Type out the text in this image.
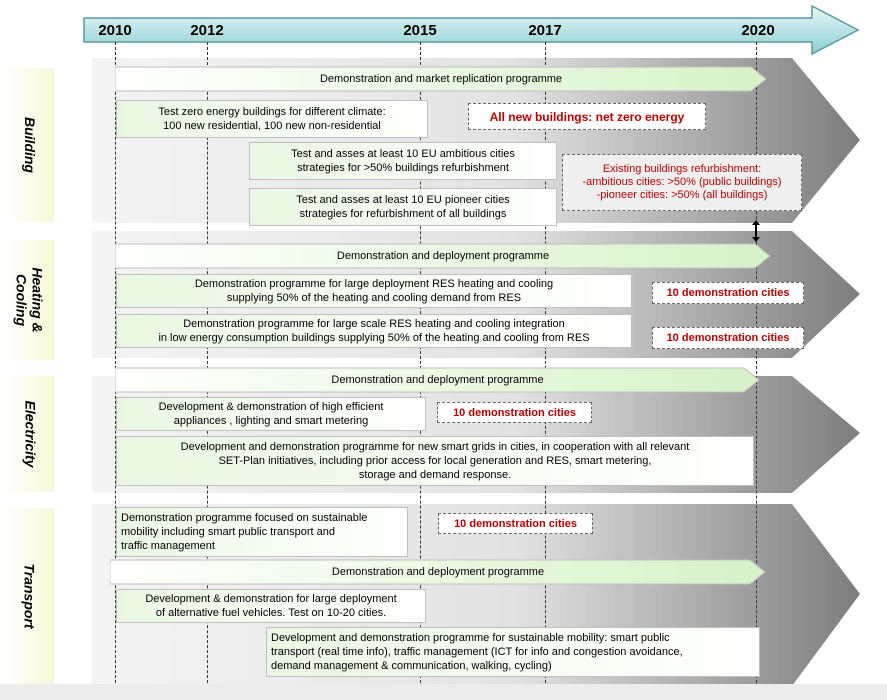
2010	2012	2015	2017	2020
Building
Heating &
Cooling
Electricity
Transport
Demonstration and market replication programme
Test zero energy buildings for different climate:
100 new residential, 100 new non-residential
All new buildings: net zero energy
Test and asses at least 10 EU ambitious cities
strategies for >50% buildings refurbishment
Test and asses at least 10 EU pioneer cities
strategies for refurbishment of all buildings
Existing buildings refurbishment:
-ambitious cities: >50% (public buildings)
-pioneer cities: >50% (all buildings)
Demonstration and deployment programme
Demonstration programme for large deployment RES heating and cooling
supplying 50% of the heating and cooling demand from RES	10 demonstration cities
Demonstration programme for large scale RES heating and cooling integration
in low energy consumption buildings supplying 50% of the heating and cooling from RES	10 demonstration cities
Demonstration and deployment programme
Development & demonstration of high efficient
appliances , lighting and smart metering
10 demonstration cities
Development and demonstration programme for new smart grids in cities, in cooperation with all relevant
SET-Plan initiatives, including prior access for local generation and RES, smart metering,
storage and demand response.
Demonstration programme focused on sustainable
mobility including smart public transport and
traffic management
10 demonstration cities
Demonstration and deployment programme
Development & demonstration for large deployment
of alternative fuel vehicles. Test on 10-20 cities.
Development and demonstration programme for sustainable mobility: smart public
transport (real time info), traffic management (ICT for info and congestion avoidance,
demand management & communication, walking, cycling)
